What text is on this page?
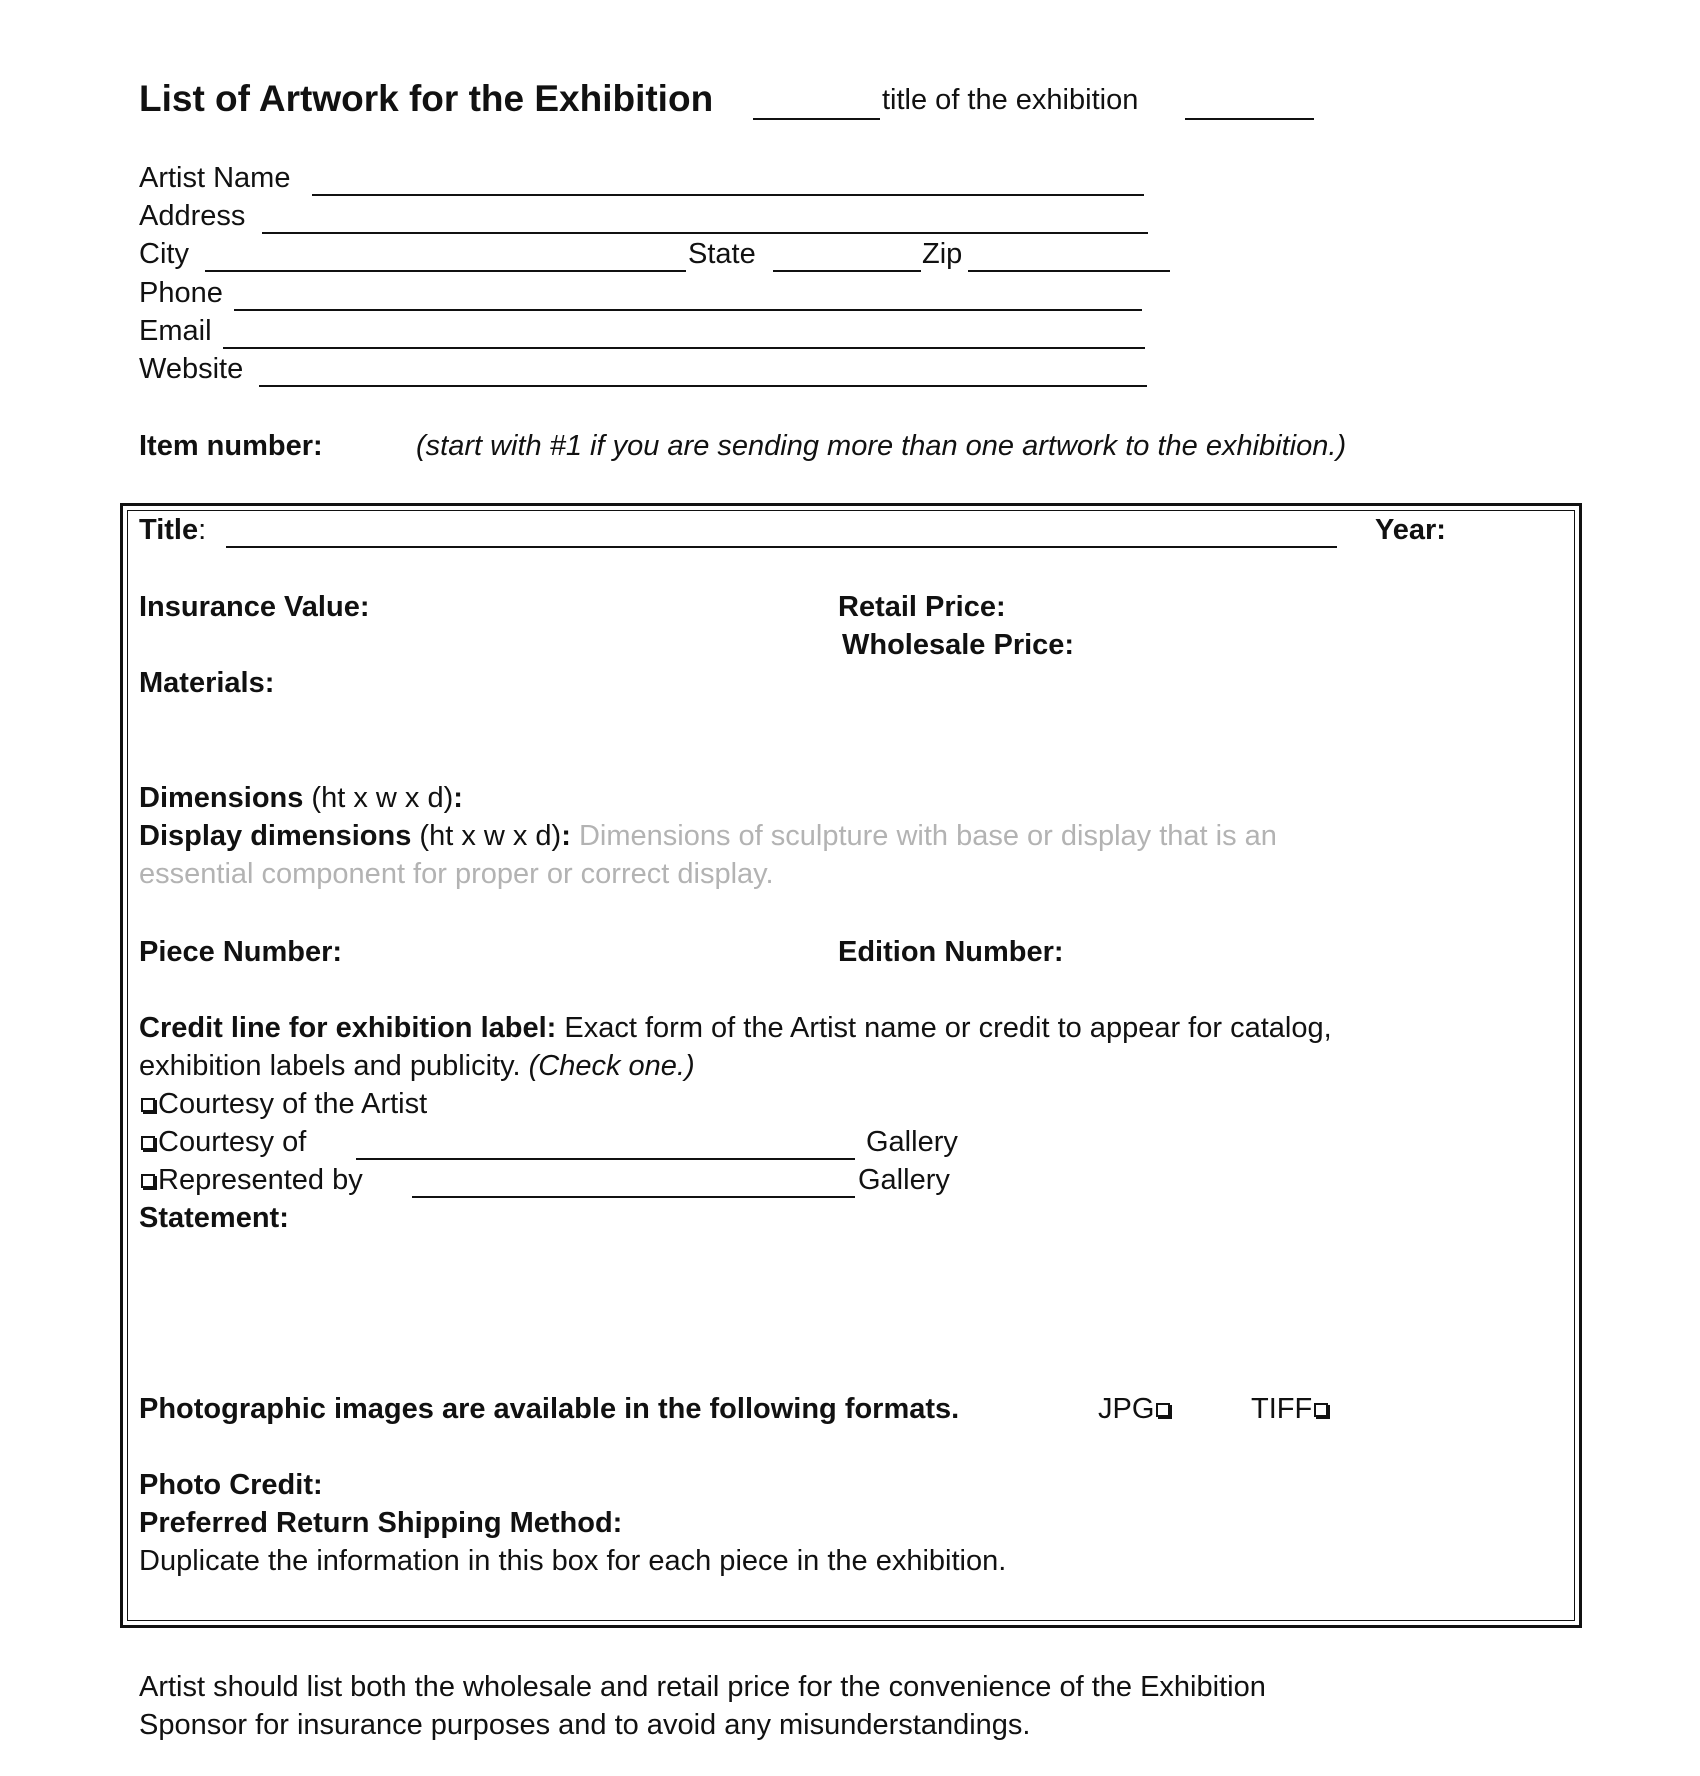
List of Artwork for the Exhibition	title of the exhibition
Artist Name
Address
City	State	Zip
Phone
Email
Website
Item number:	(start with #1 if you are sending more than one artwork to the exhibition.)
Title:	Year:
Insurance Value:	Retail Price:
Wholesale Price:
Materials:
Dimensions (ht x w x d):
Display dimensions (ht x w x d): Dimensions of sculpture with base or display that is an
essential component for proper or correct display.
Piece Number:	Edition Number:
Credit line for exhibition label: Exact form of the Artist name or credit to appear for catalog,
exhibition labels and publicity. (Check one.)
Courtesy of the Artist
Courtesy of	Gallery
Represented by	Gallery
Statement:
Photographic images are available in the following formats.	JPG	TIFF
Photo Credit:
Preferred Return Shipping Method:
Duplicate the information in this box for each piece in the exhibition.
Artist should list both the wholesale and retail price for the convenience of the Exhibition
Sponsor for insurance purposes and to avoid any misunderstandings.
